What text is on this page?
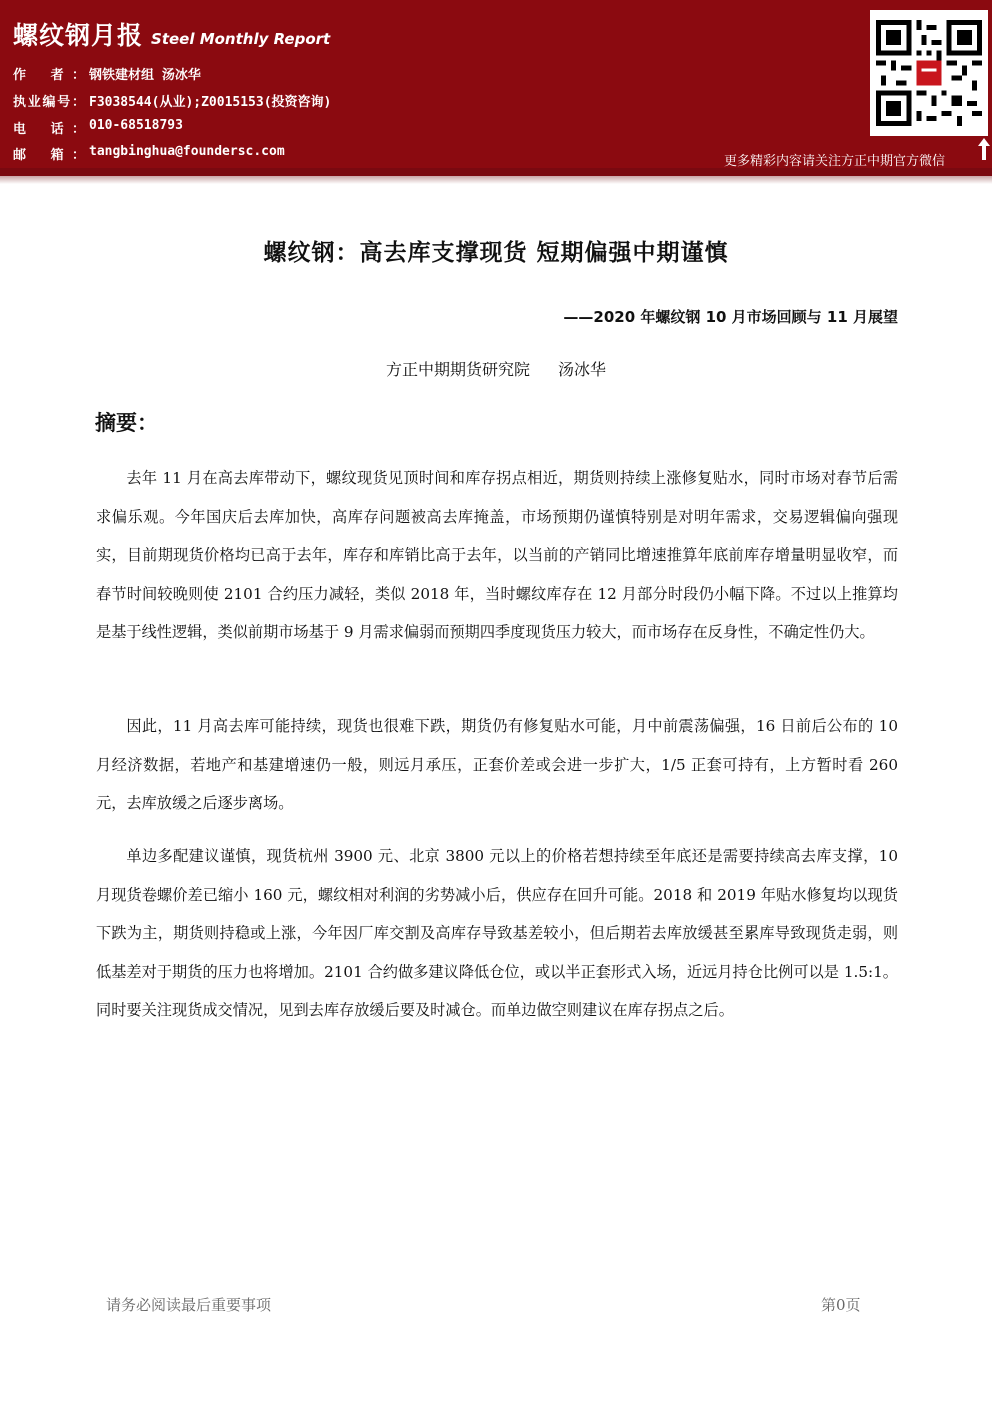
螺纹钢月报 Steel Monthly Report
作 者： 钢铁建材组 汤冰华
执业编号： F3038544(从业);Z0015153(投资咨询)
电 话： 010-68518793
邮 箱： tangbinghua@foundersc.com
更多精彩内容请关注方正中期官方微信
螺纹钢：高去库支撑现货 短期偏强中期谨慎
——2020 年螺纹钢 10 月市场回顾与 11 月展望
方正中期期货研究院 汤冰华
摘要：

去年 11 月在高去库带动下，螺纹现货见顶时间和库存拐点相近，期货则持续上涨修复贴水，同时市场对春节后需求偏乐观。今年国庆后去库加快，高库存问题被高去库掩盖，市场预期仍谨慎特别是对明年需求，交易逻辑偏向强现实，目前期现货价格均已高于去年，库存和库销比高于去年，以当前的产销同比增速推算年底前库存增量明显收窄，而春节时间较晚则使 2101 合约压力减轻，类似 2018 年，当时螺纹库存在 12 月部分时段仍小幅下降。不过以上推算均是基于线性逻辑，类似前期市场基于 9 月需求偏弱而预期四季度现货压力较大，而市场存在反身性，不确定性仍大。

因此，11 月高去库可能持续，现货也很难下跌，期货仍有修复贴水可能，月中前震荡偏强，16 日前后公布的 10 月经济数据，若地产和基建增速仍一般，则远月承压，正套价差或会进一步扩大，1/5 正套可持有，上方暂时看 260 元，去库放缓之后逐步离场。

单边多配建议谨慎，现货杭州 3900 元、北京 3800 元以上的价格若想持续至年底还是需要持续高去库支撑，10 月现货卷螺价差已缩小 160 元，螺纹相对利润的劣势减小后，供应存在回升可能。2018 和 2019 年贴水修复均以现货下跌为主，期货则持稳或上涨，今年因厂库交割及高库存导致基差较小，但后期若去库放缓甚至累库导致现货走弱，则低基差对于期货的压力也将增加。2101 合约做多建议降低仓位，或以半正套形式入场，近远月持仓比例可以是 1.5:1。同时要关注现货成交情况，见到去库存放缓后要及时减仓。而单边做空则建议在库存拐点之后。

请务必阅读最后重要事项	第0页
